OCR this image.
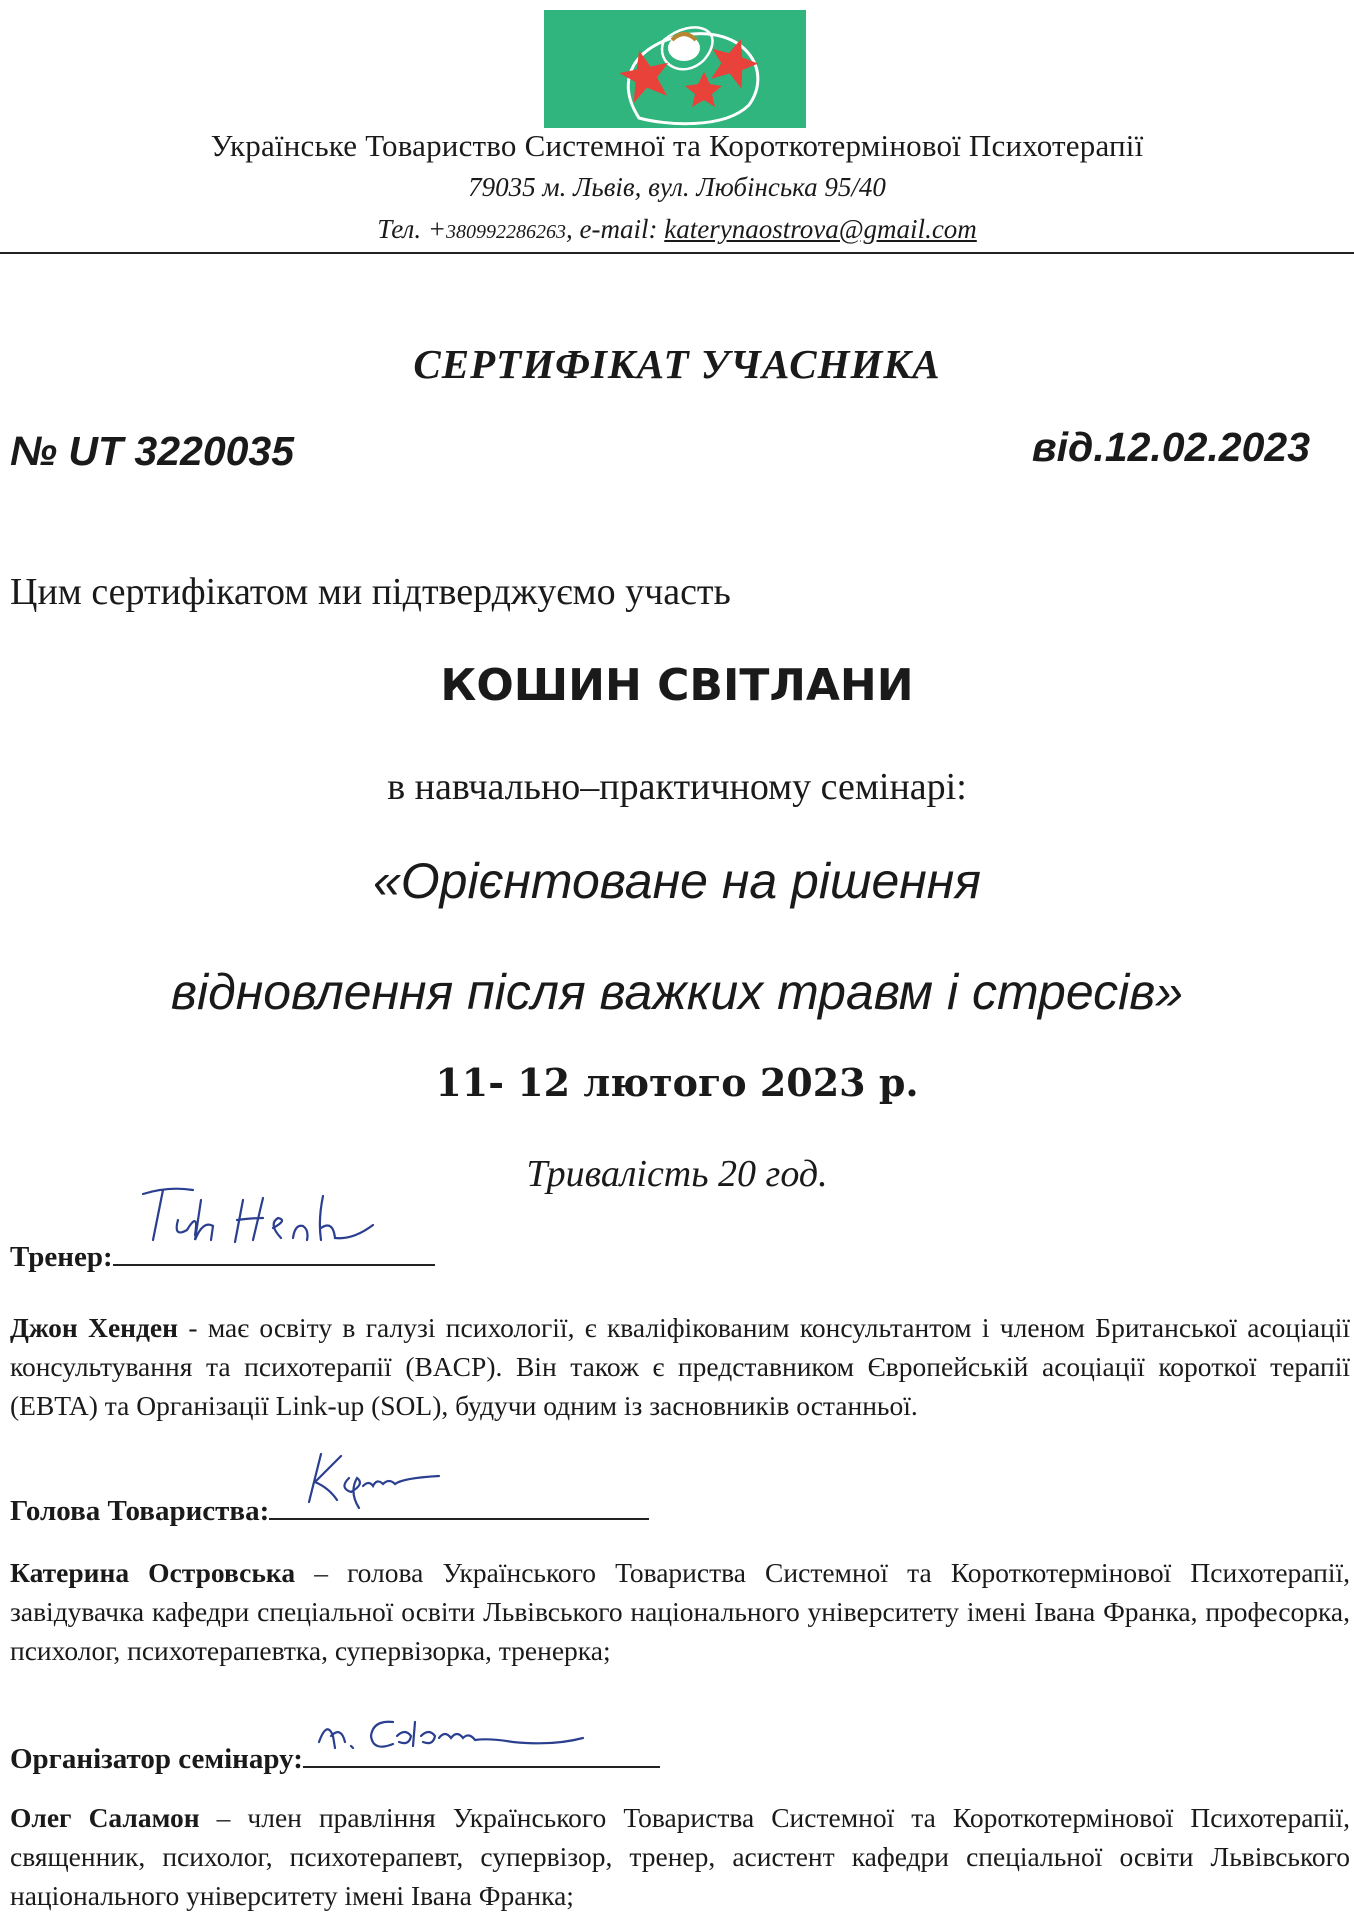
Українське Товариство Системної та Короткотермінової Психотерапії
79035 м. Львів, вул. Любінська 95/40
Тел. +380992286263, e-mail: katerynaostrova@gmail.com
СЕРТИФІКАТ УЧАСНИКА
№ UT 3220035	від.12.02.2023
Цим сертифікатом ми підтверджуємо участь
КОШИН СВІТЛАНИ
в навчально–практичному семінарі:
«Орієнтоване на рішення
відновлення після важких травм і стресів»
11- 12 лютого 2023 р.
Тривалість 20 год.
Тренер:
Джон Хенден - має освіту в галузі психології, є кваліфікованим консультантом і членом Британської асоціації консультування та психотерапії (BACP). Він також є представником Європейській асоціації короткої терапії (EBTA) та Організації Link-up (SOL), будучи одним із засновників останньої.
Голова Товариства:
Катерина Островська – голова Українського Товариства Системної та Короткотермінової Психотерапії, завідувачка кафедри спеціальної освіти Львівського національного університету імені Івана Франка, професорка, психолог, психотерапевтка, супервізорка, тренерка;
Організатор семінару:
Олег Саламон – член правління Українського Товариства Системної та Короткотермінової Психотерапії, священник, психолог, психотерапевт, супервізор, тренер, асистент кафедри спеціальної освіти Львівського національного університету імені Івана Франка;
